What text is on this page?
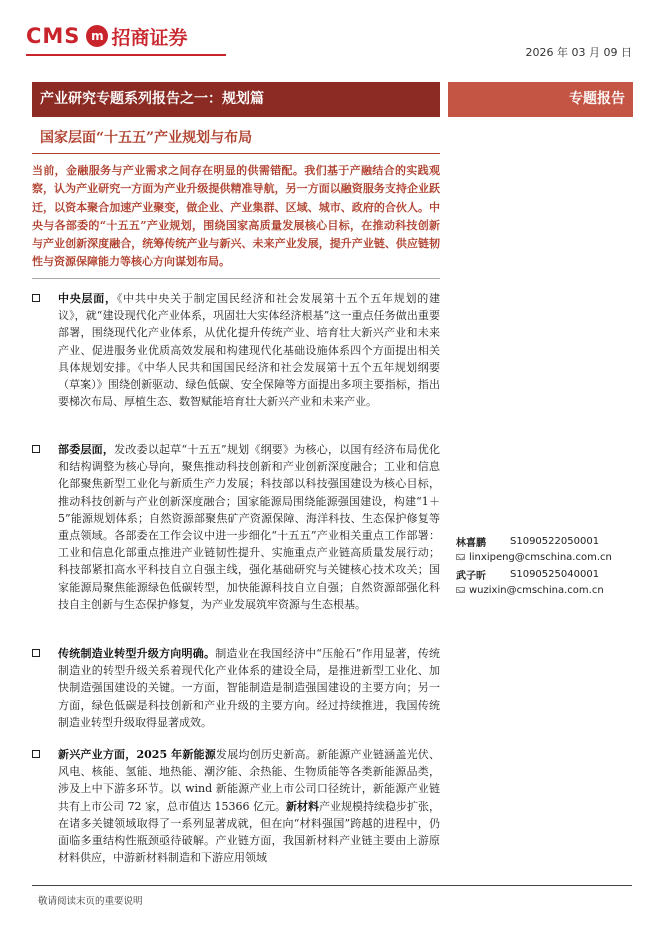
CMS m 招商证券
2026 年 03 月 09 日
产业研究专题系列报告之一：规划篇	专题报告
国家层面“十五五”产业规划与布局
当前，金融服务与产业需求之间存在明显的供需错配。我们基于产融结合的实践观察，认为产业研究一方面为产业升级提供精准导航，另一方面以融资服务支持企业跃迁，以资本聚合加速产业聚变，做企业、产业集群、区域、城市、政府的合伙人。中央与各部委的“十五五”产业规划，围绕国家高质量发展核心目标，在推动科技创新与产业创新深度融合，统筹传统产业与新兴、未来产业发展，提升产业链、供应链韧性与资源保障能力等核心方向谋划布局。
中央层面，《中共中央关于制定国民经济和社会发展第十五个五年规划的建议》，就“建设现代化产业体系，巩固壮大实体经济根基”这一重点任务做出重要部署，围绕现代化产业体系，从优化提升传统产业、培育壮大新兴产业和未来产业、促进服务业优质高效发展和构建现代化基础设施体系四个方面提出相关具体规划安排。《中华人民共和国国民经济和社会发展第十五个五年规划纲要（草案）》围绕创新驱动、绿色低碳、安全保障等方面提出多项主要指标，指出要梯次布局、厚植生态、数智赋能培育壮大新兴产业和未来产业。
部委层面，发改委以起草“十五五”规划《纲要》为核心，以国有经济布局优化和结构调整为核心导向，聚焦推动科技创新和产业创新深度融合；工业和信息化部聚焦新型工业化与新质生产力发展；科技部以科技强国建设为核心目标，推动科技创新与产业创新深度融合；国家能源局围绕能源强国建设，构建“1＋5”能源规划体系；自然资源部聚焦矿产资源保障、海洋科技、生态保护修复等重点领域。各部委在工作会议中进一步细化“十五五”产业相关重点工作部署：工业和信息化部重点推进产业链韧性提升、实施重点产业链高质量发展行动；科技部紧扣高水平科技自立自强主线，强化基础研究与关键核心技术攻关；国家能源局聚焦能源绿色低碳转型，加快能源科技自立自强；自然资源部强化科技自主创新与生态保护修复，为产业发展筑牢资源与生态根基。
传统制造业转型升级方向明确。制造业在我国经济中“压舱石”作用显著，传统制造业的转型升级关系着现代化产业体系的建设全局，是推进新型工业化、加快制造强国建设的关键。一方面，智能制造是制造强国建设的主要方向；另一方面，绿色低碳是科技创新和产业升级的主要方向。经过持续推进，我国传统制造业转型升级取得显著成效。
新兴产业方面，2025 年新能源发展均创历史新高。新能源产业链涵盖光伏、风电、核能、氢能、地热能、潮汐能、余热能、生物质能等各类新能源品类，涉及上中下游多环节。以 wind 新能源产业上市公司口径统计，新能源产业链共有上市公司 72 家，总市值达 15366 亿元。新材料产业规模持续稳步扩张，在诸多关键领域取得了一系列显著成就，但在向“材料强国”跨越的进程中，仍面临多重结构性瓶颈亟待破解。产业链方面，我国新材料产业链主要由上游原材料供应，中游新材料制造和下游应用领域
林喜鹏	S1090522050001
linxipeng@cmschina.com.cn
武子昕	S1090525040001
wuzixin@cmschina.com.cn
敬请阅读末页的重要说明
